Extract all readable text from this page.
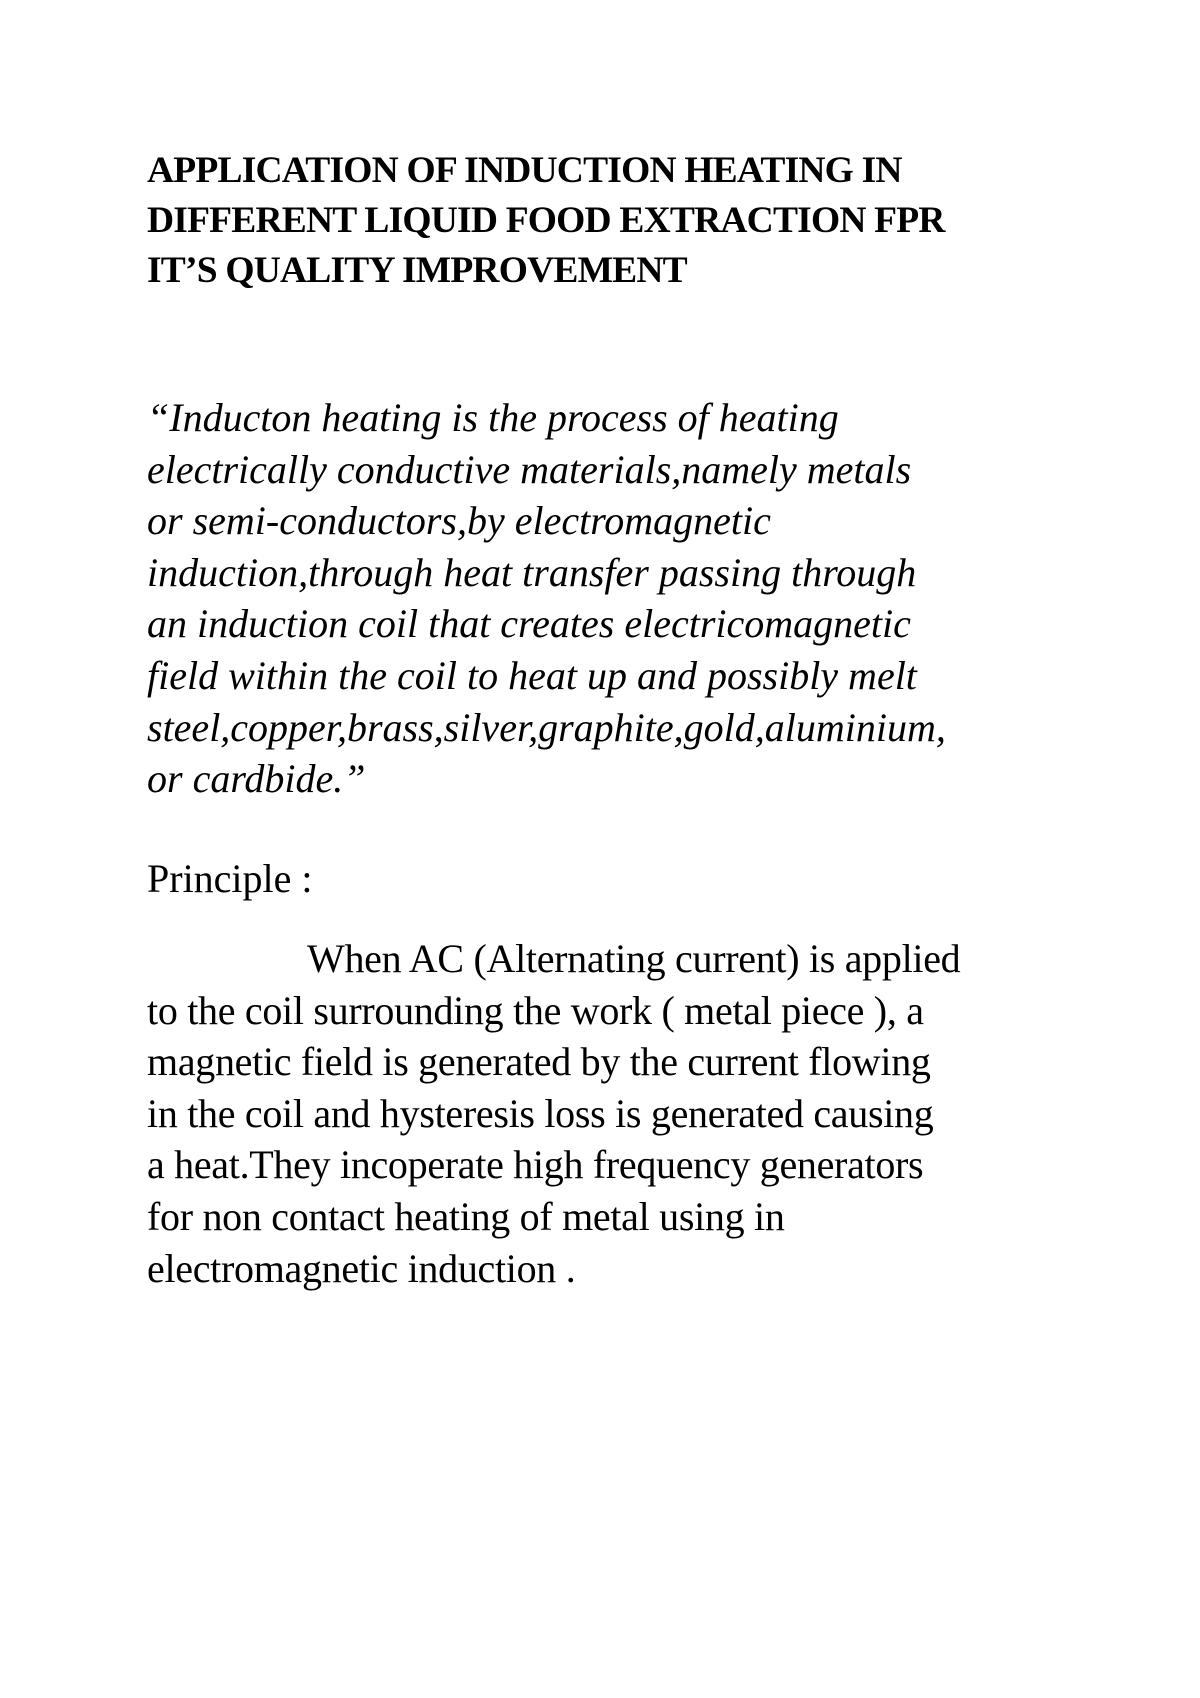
APPLICATION OF INDUCTION HEATING IN
DIFFERENT LIQUID FOOD EXTRACTION FPR
IT’S QUALITY IMPROVEMENT

“Inducton heating is the process of heating
electrically conductive materials,namely metals
or semi-conductors,by electromagnetic
induction,through heat transfer passing through
an induction coil that creates electricomagnetic
field within the coil to heat up and possibly melt
steel,copper,brass,silver,graphite,gold,aluminium,
or cardbide.”

Principle :

When AC (Alternating current) is applied
to the coil surrounding the work ( metal piece ), a
magnetic field is generated by the current flowing
in the coil and hysteresis loss is generated causing
a heat.They incoperate high frequency generators
for non contact heating of metal using in
electromagnetic induction .
